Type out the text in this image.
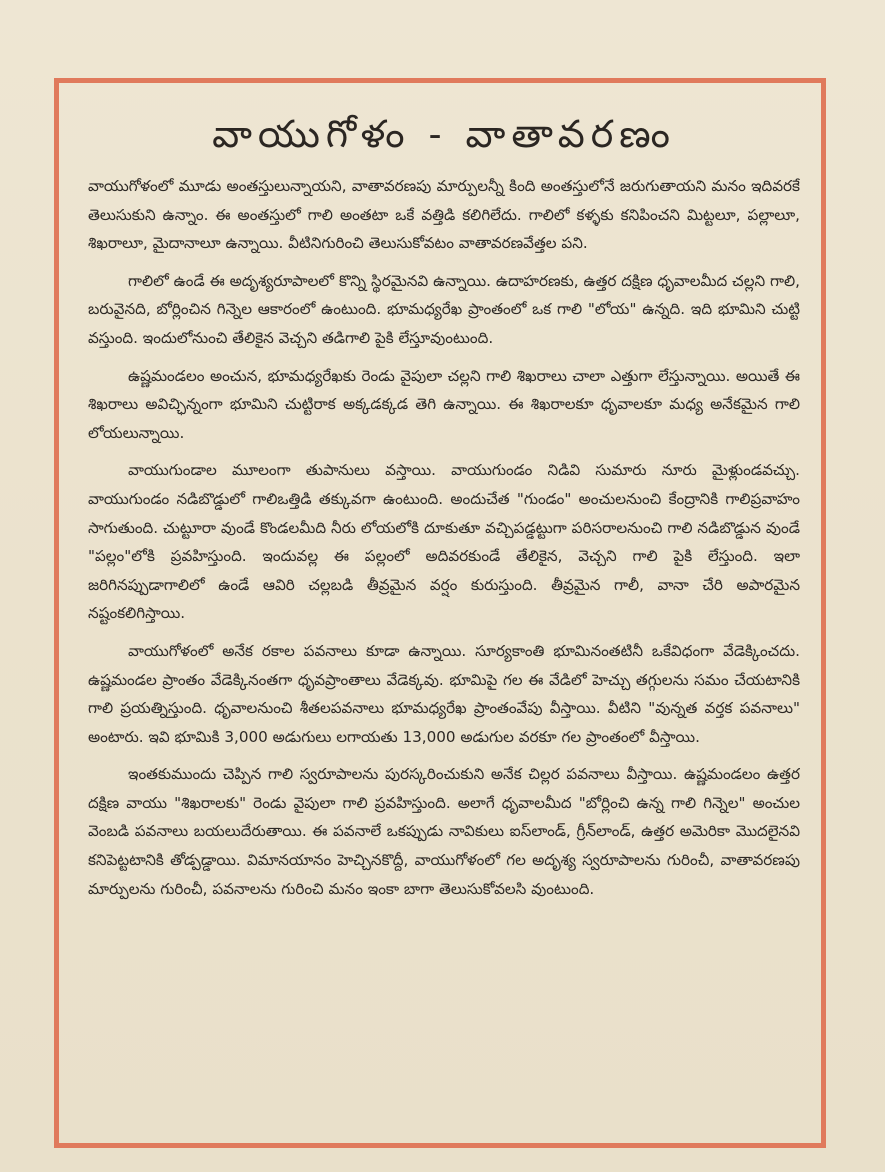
వాయుగోళం - వాతావరణం

వాయుగోళంలో మూడు అంతస్తులున్నాయని, వాతావరణపు మార్పులన్నీ కింది అంతస్తులోనే జరుగుతాయని మనం ఇదివరకే తెలుసుకుని ఉన్నాం. ఈ అంతస్తులో గాలి అంతటా ఒకే వత్తిడి కలిగిలేదు. గాలిలో కళ్ళకు కనిపించని మిట్టలూ, పల్లాలూ, శిఖరాలూ, మైదానాలూ ఉన్నాయి. వీటినిగురించి తెలుసుకోవటం వాతావరణవేత్తల పని.

గాలిలో ఉండే ఈ అదృశ్యరూపాలలో కొన్ని స్థిరమైనవి ఉన్నాయి. ఉదాహరణకు, ఉత్తర దక్షిణ ధృవాలమీద చల్లని గాలి, బరువైనది, బోర్లించిన గిన్నెల ఆకారంలో ఉంటుంది. భూమధ్యరేఖ ప్రాంతంలో ఒక గాలి "లోయ" ఉన్నది. ఇది భూమిని చుట్టి వస్తుంది. ఇందులోనుంచి తేలికైన వెచ్చని తడిగాలి పైకి లేస్తూవుంటుంది.

ఉష్ణమండలం అంచున, భూమధ్యరేఖకు రెండు వైపులా చల్లని గాలి శిఖరాలు చాలా ఎత్తుగా లేస్తున్నాయి. అయితే ఈ శిఖరాలు అవిచ్ఛిన్నంగా భూమిని చుట్టిరాక అక్కడక్కడ తెగి ఉన్నాయి. ఈ శిఖరాలకూ ధృవాలకూ మధ్య అనేకమైన గాలి లోయలున్నాయి.

వాయుగుండాల మూలంగా తుపానులు వస్తాయి. వాయుగుండం నిడివి సుమారు నూరు మైళ్లుండవచ్చు. వాయుగుండం నడిబొడ్డులో గాలిఒత్తిడి తక్కువగా ఉంటుంది. అందుచేత "గుండం" అంచులనుంచి కేంద్రానికి గాలిప్రవాహం సాగుతుంది. చుట్టూరా వుండే కొండలమీది నీరు లోయలోకి దూకుతూ వచ్చిపడ్డట్టుగా పరిసరాలనుంచి గాలి నడిబొడ్డున వుండే "పల్లం"లోకి ప్రవహిస్తుంది. ఇందువల్ల ఈ పల్లంలో అదివరకుండే తేలికైన, వెచ్చని గాలి పైకి లేస్తుంది. ఇలా జరిగినప్పుడాగాలిలో ఉండే ఆవిరి చల్లబడి తీవ్రమైన వర్షం కురుస్తుంది. తీవ్రమైన గాలీ, వానా చేరి అపారమైన నష్టంకలిగిస్తాయి.

వాయుగోళంలో అనేక రకాల పవనాలు కూడా ఉన్నాయి. సూర్యకాంతి భూమినంతటినీ ఒకేవిధంగా వేడెక్కించదు. ఉష్ణమండల ప్రాంతం వేడెక్కినంతగా ధృవప్రాంతాలు వేడెక్కవు. భూమిపై గల ఈ వేడిలో హెచ్చు తగ్గులను సమం చేయటానికి గాలి ప్రయత్నిస్తుంది. ధృవాలనుంచి శీతలపవనాలు భూమధ్యరేఖ ప్రాంతంవేపు వీస్తాయి. వీటిని "వున్నత వర్తక పవనాలు" అంటారు. ఇవి భూమికి 3,000 అడుగులు లగాయతు 13,000 అడుగుల వరకూ గల ప్రాంతంలో వీస్తాయి.

ఇంతకుముందు చెప్పిన గాలి స్వరూపాలను పురస్కరించుకుని అనేక చిల్లర పవనాలు వీస్తాయి. ఉష్ణమండలం ఉత్తర దక్షిణ వాయు "శిఖరాలకు" రెండు వైపులా గాలి ప్రవహిస్తుంది. అలాగే ధృవాలమీద "బోర్లించి ఉన్న గాలి గిన్నెల" అంచుల వెంబడి పవనాలు బయలుదేరుతాయి. ఈ పవనాలే ఒకప్పుడు నావికులు ఐస్‌లాండ్, గ్రీన్‌లాండ్, ఉత్తర అమెరికా మొదలైనవి కనిపెట్టటానికి తోడ్పడ్డాయి. విమానయానం హెచ్చినకొద్దీ, వాయుగోళంలో గల అదృశ్య స్వరూపాలను గురించీ, వాతావరణపు మార్పులను గురించీ, పవనాలను గురించి మనం ఇంకా బాగా తెలుసుకోవలసి వుంటుంది.
